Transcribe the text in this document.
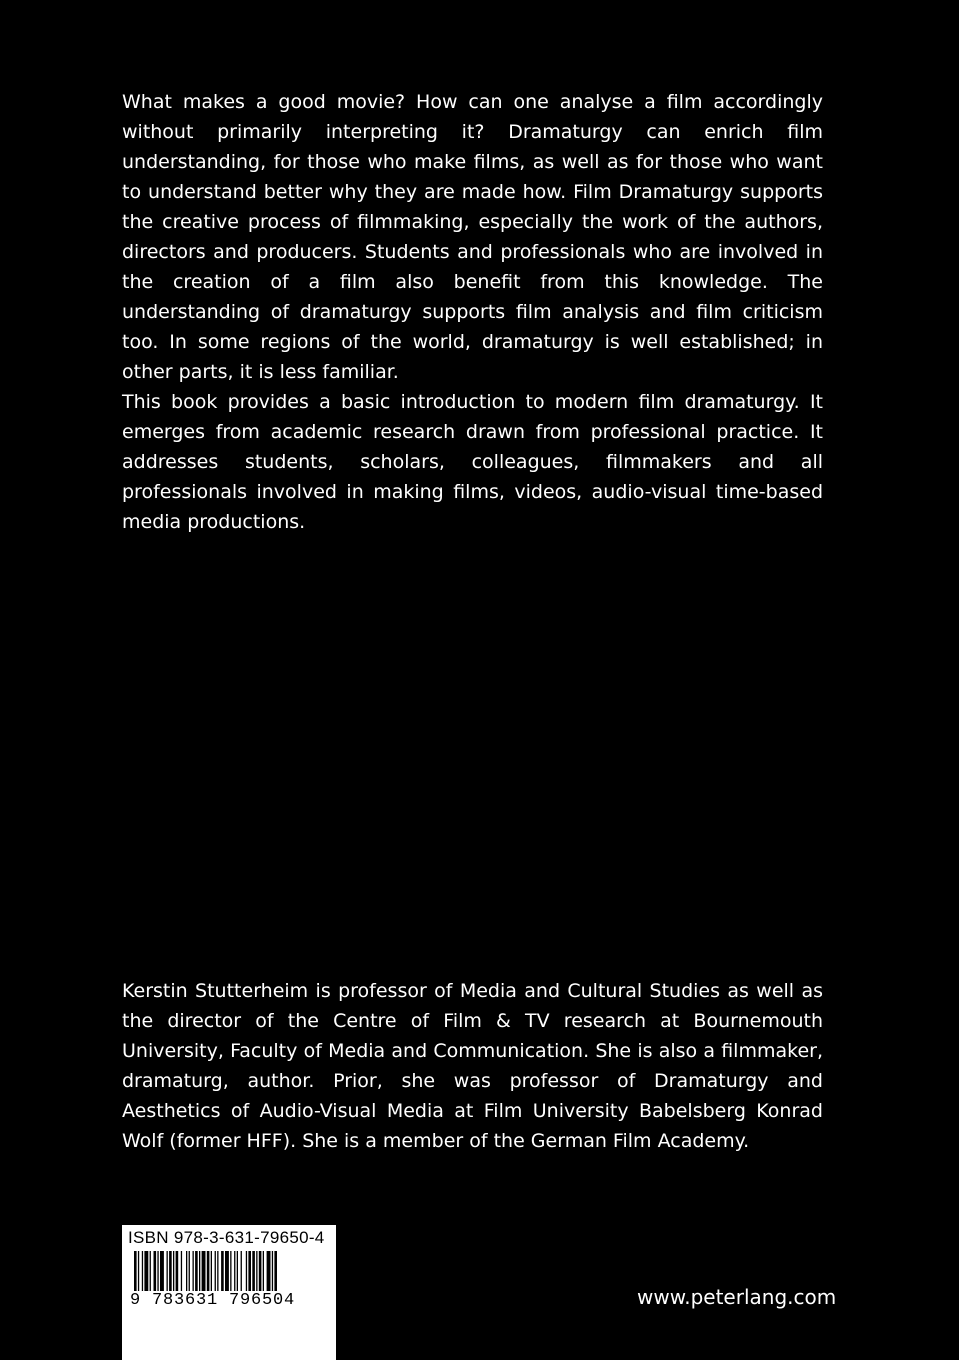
What makes a good movie? How can one analyse a film accordingly without primarily interpreting it? Dramaturgy can enrich film understanding, for those who make films, as well as for those who want to understand better why they are made how. Film Dramaturgy supports the creative process of filmmaking, especially the work of the authors, directors and producers. Students and professionals who are involved in the creation of a film also benefit from this knowledge. The understanding of dramaturgy supports film analysis and film criticism too. In some regions of the world, dramaturgy is well established; in other parts, it is less familiar.

This book provides a basic introduction to modern film dramaturgy. It emerges from academic research drawn from professional practice. It addresses students, scholars, colleagues, filmmakers and all professionals involved in making films, videos, audio-visual time-based media productions.

Kerstin Stutterheim is professor of Media and Cultural Studies as well as the director of the Centre of Film & TV research at Bournemouth University, Faculty of Media and Communication. She is also a filmmaker, dramaturg, author. Prior, she was professor of Dramaturgy and Aesthetics of Audio-Visual Media at Film University Babelsberg Konrad Wolf (former HFF). She is a member of the German Film Academy.

ISBN 978-3-631-79650-4
9 783631 796504	www.peterlang.com
